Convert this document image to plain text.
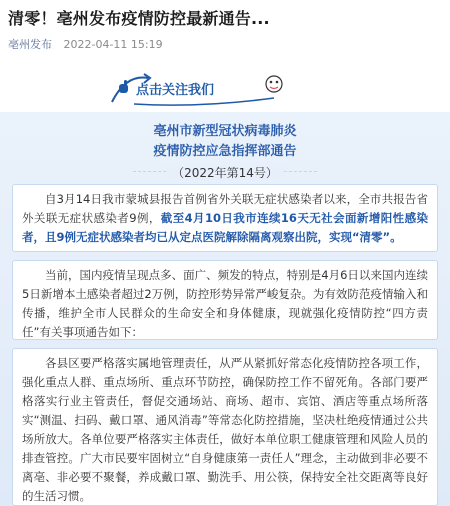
清零！亳州发布疫情防控最新通告...
亳州发布 2022-04-11 15:19
点击关注我们
亳州市新型冠状病毒肺炎
疫情防控应急指挥部通告
（2022年第14号）

自3月14日我市蒙城县报告首例省外关联无症状感染者以来，全市共报告省外关联无症状感染者9例，截至4月10日我市连续16天无社会面新增阳性感染者，且9例无症状感染者均已从定点医院解除隔离观察出院，实现“清零”。

当前，国内疫情呈现点多、面广、频发的特点，特别是4月6日以来国内连续5日新增本土感染者超过2万例，防控形势异常严峻复杂。为有效防范疫情输入和传播，维护全市人民群众的生命安全和身体健康，现就强化疫情防控“四方责任”有关事项通告如下：

各县区要严格落实属地管理责任，从严从紧抓好常态化疫情防控各项工作，强化重点人群、重点场所、重点环节防控，确保防控工作不留死角。各部门要严格落实行业主管责任，督促交通场站、商场、超市、宾馆、酒店等重点场所落实“测温、扫码、戴口罩、通风消毒”等常态化防控措施，坚决杜绝疫情通过公共场所放大。各单位要严格落实主体责任，做好本单位职工健康管理和风险人员的排查管控。广大市民要牢固树立“自身健康第一责任人”理念，主动做到非必要不离亳、非必要不聚餐，养成戴口罩、勤洗手、用公筷，保持安全社交距离等良好的生活习惯。
